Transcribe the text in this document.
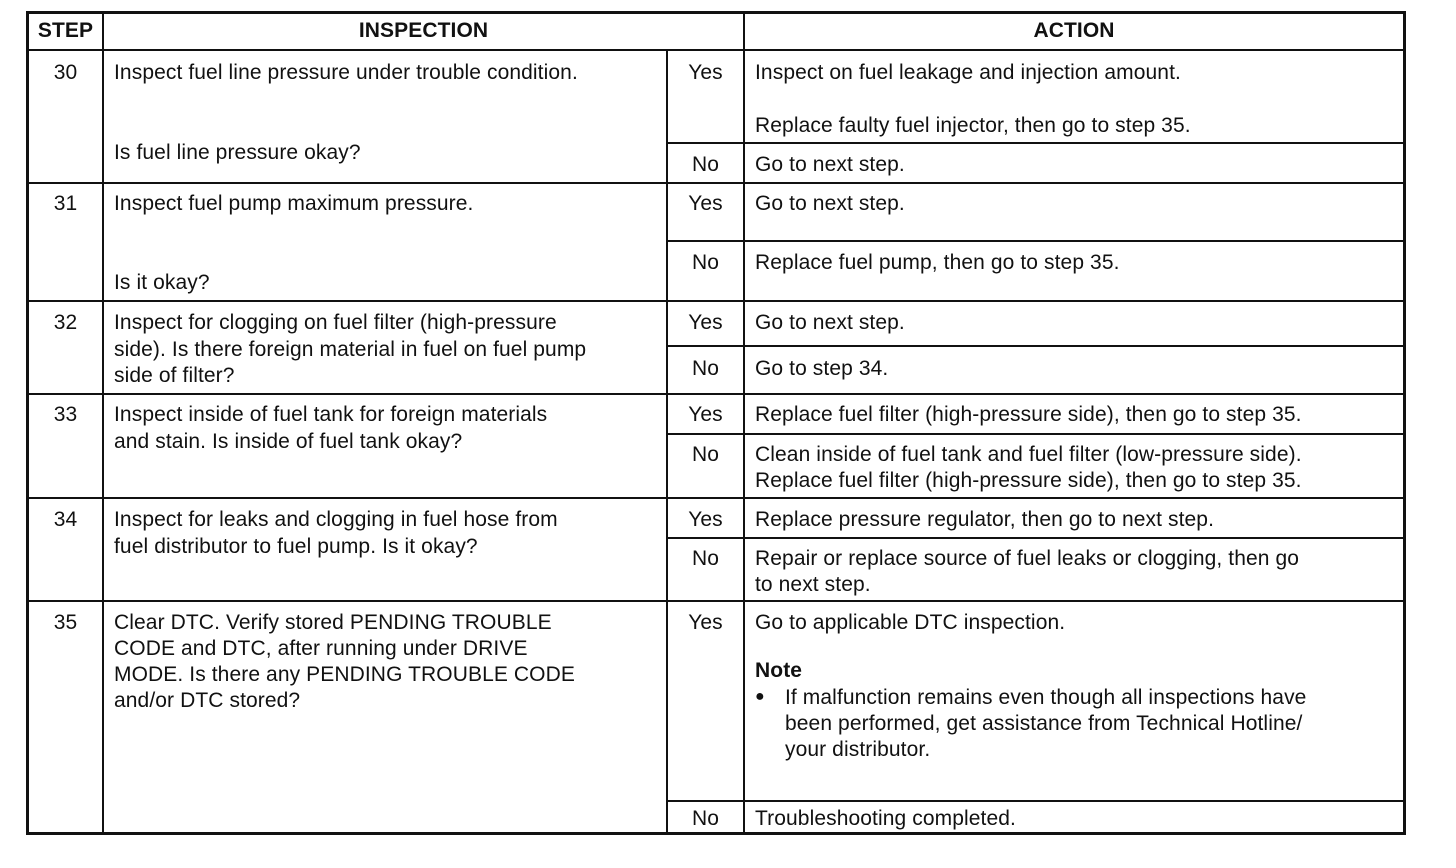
STEP	INSPECTION	ACTION
30	Inspect fuel line pressure under trouble condition.
Is fuel line pressure okay?
Yes	Inspect on fuel leakage and injection amount.
Replace faulty fuel injector, then go to step 35.
No	Go to next step.
31	Inspect fuel pump maximum pressure.
Is it okay?
Yes	Go to next step.
No	Replace fuel pump, then go to step 35.
32	Inspect for clogging on fuel filter (high-pressure
side). Is there foreign material in fuel on fuel pump
side of filter?
Yes	Go to next step.
No	Go to step 34.
33	Inspect inside of fuel tank for foreign materials
and stain. Is inside of fuel tank okay?
Yes	Replace fuel filter (high-pressure side), then go to step 35.
No	Clean inside of fuel tank and fuel filter (low-pressure side).
Replace fuel filter (high-pressure side), then go to step 35.
34	Inspect for leaks and clogging in fuel hose from
fuel distributor to fuel pump. Is it okay?
Yes	Replace pressure regulator, then go to next step.
No	Repair or replace source of fuel leaks or clogging, then go
to next step.
35	Clear DTC. Verify stored PENDING TROUBLE
CODE and DTC, after running under DRIVE
MODE. Is there any PENDING TROUBLE CODE
and/or DTC stored?
Yes	Go to applicable DTC inspection.
Note
● If malfunction remains even though all inspections have
been performed, get assistance from Technical Hotline/
your distributor.
No	Troubleshooting completed.
